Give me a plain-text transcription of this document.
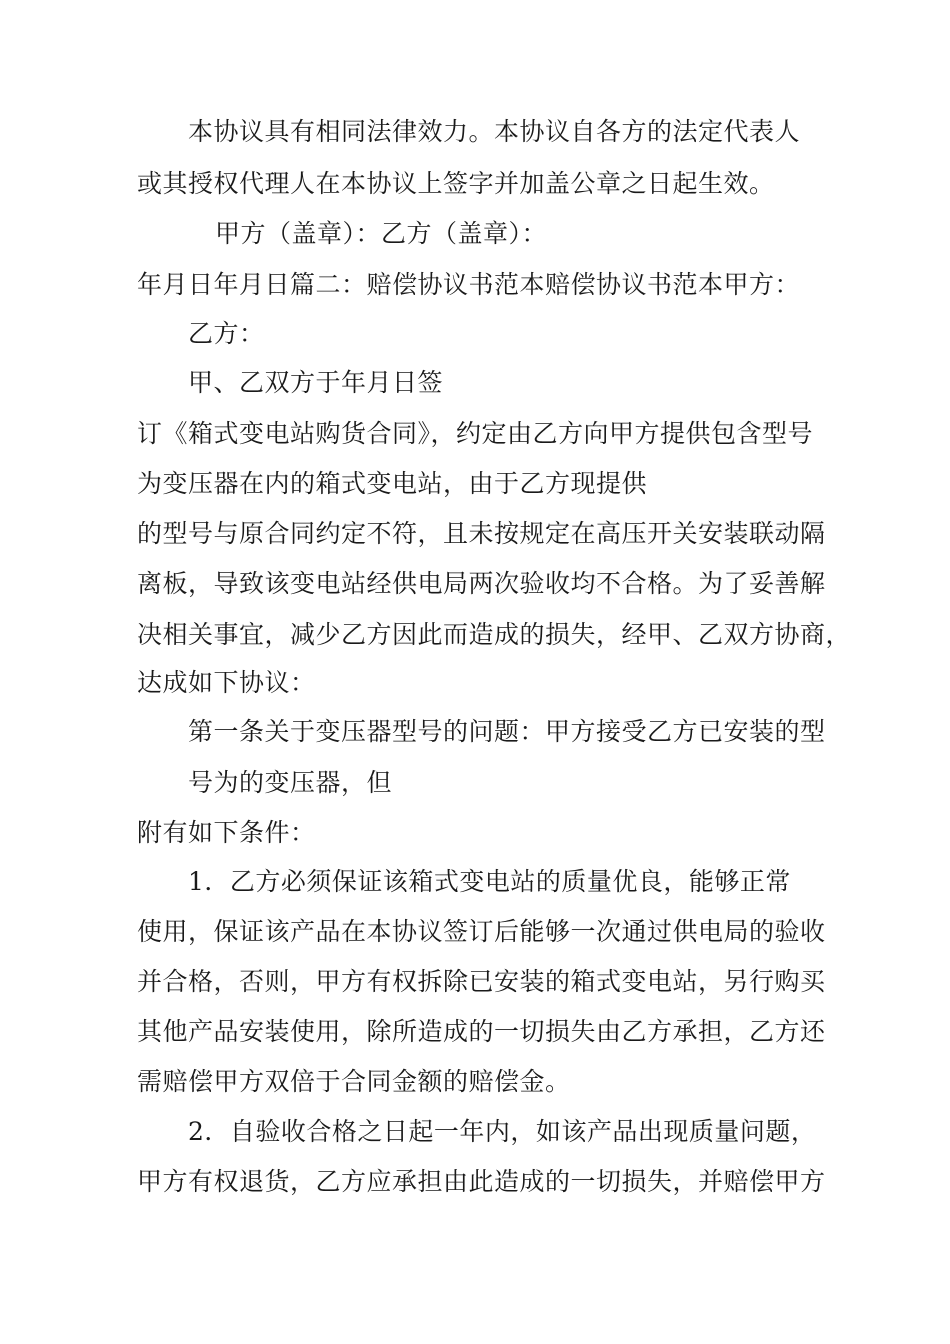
本协议具有相同法律效力。本协议自各方的法定代表人

或其授权代理人在本协议上签字并加盖公章之日起生效。

甲方（盖章）：乙方（盖章）：

年月日年月日篇二：赔偿协议书范本赔偿协议书范本甲方：

乙方：

甲、乙双方于年月日签

订《箱式变电站购货合同》，约定由乙方向甲方提供包含型号

为变压器在内的箱式变电站，由于乙方现提供

的型号与原合同约定不符，且未按规定在高压开关安装联动隔

离板，导致该变电站经供电局两次验收均不合格。为了妥善解

决相关事宜，减少乙方因此而造成的损失，经甲、乙双方协商，

达成如下协议：

第一条关于变压器型号的问题：甲方接受乙方已安装的型

号为的变压器，但

附有如下条件：

1．乙方必须保证该箱式变电站的质量优良，能够正常

使用，保证该产品在本协议签订后能够一次通过供电局的验收

并合格，否则，甲方有权拆除已安装的箱式变电站，另行购买

其他产品安装使用，除所造成的一切损失由乙方承担，乙方还

需赔偿甲方双倍于合同金额的赔偿金。

2．自验收合格之日起一年内，如该产品出现质量问题，

甲方有权退货，乙方应承担由此造成的一切损失，并赔偿甲方
